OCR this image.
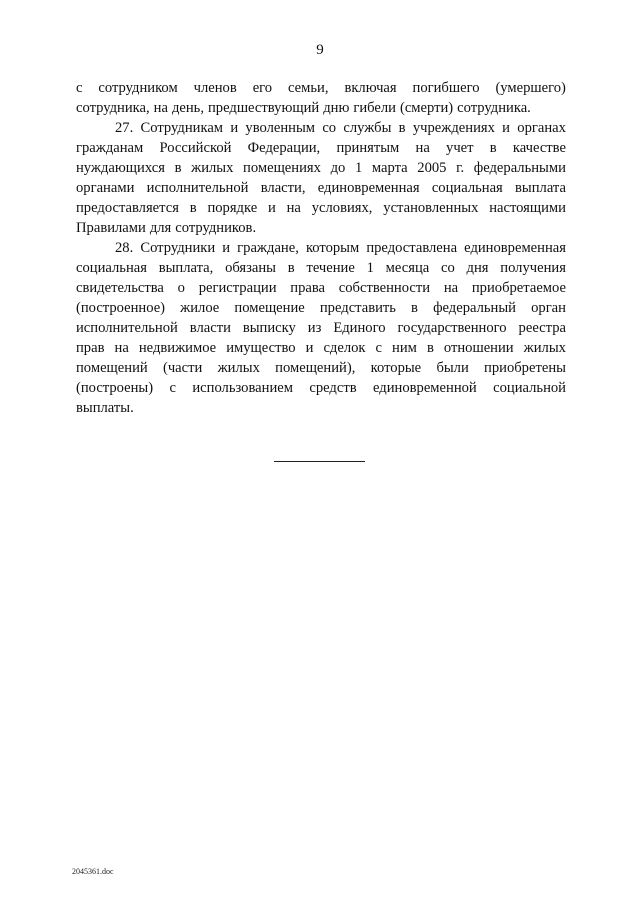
9
с сотрудником членов его семьи, включая погибшего (умершего)
сотрудника, на день, предшествующий дню гибели (смерти) сотрудника.
27. Сотрудникам и уволенным со службы в учреждениях и органах
гражданам Российской Федерации, принятым на учет в качестве
нуждающихся в жилых помещениях до 1 марта 2005 г. федеральными
органами исполнительной власти, единовременная социальная выплата
предоставляется в порядке и на условиях, установленных настоящими
Правилами для сотрудников.
28. Сотрудники и граждане, которым предоставлена единовременная
социальная выплата, обязаны в течение 1 месяца со дня получения
свидетельства о регистрации права собственности на приобретаемое
(построенное) жилое помещение представить в федеральный орган
исполнительной власти выписку из Единого государственного реестра
прав на недвижимое имущество и сделок с ним в отношении жилых
помещений (части жилых помещений), которые были приобретены
(построены) с использованием средств единовременной социальной
выплаты.
2045361.doc
